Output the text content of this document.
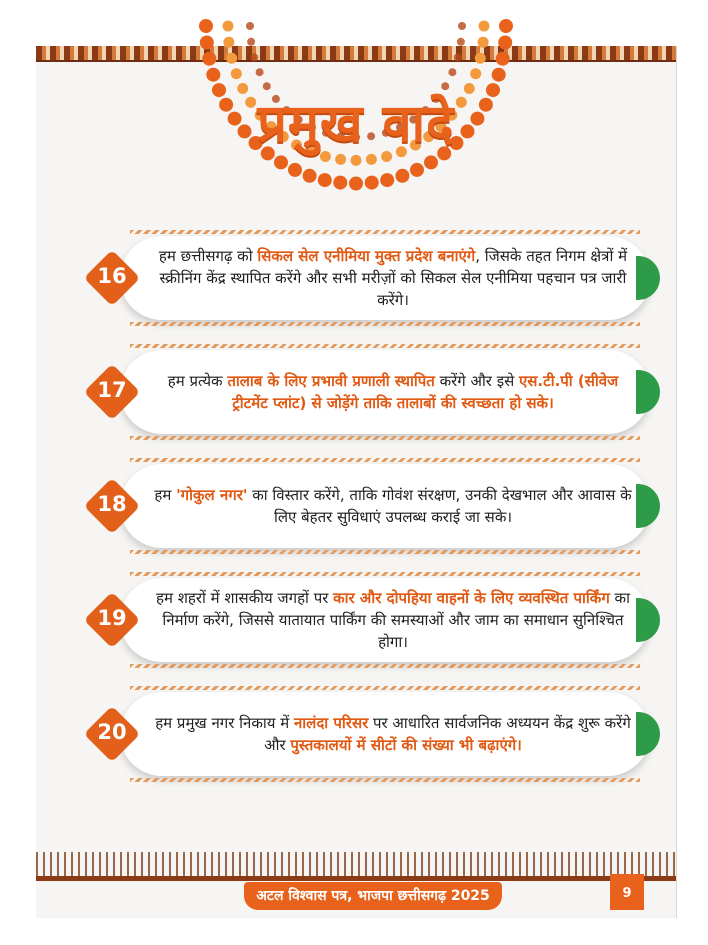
प्रमुख वादे
16
हम छत्तीसगढ़ को सिकल सेल एनीमिया मुक्त प्रदेश बनाएंगे, जिसके तहत निगम क्षेत्रों में स्क्रीनिंग केंद्र स्थापित करेंगे और सभी मरीज़ों को सिकल सेल एनीमिया पहचान पत्र जारी करेंगे।
17	हम प्रत्येक तालाब के लिए प्रभावी प्रणाली स्थापित करेंगे और इसे एस.टी.पी (सीवेज ट्रीटमेंट प्लांट) से जोड़ेंगे ताकि तालाबों की स्वच्छता हो सके।
18	हम 'गोकुल नगर' का विस्तार करेंगे, ताकि गोवंश संरक्षण, उनकी देखभाल और आवास के लिए बेहतर सुविधाएं उपलब्ध कराई जा सके।
19
हम शहरों में शासकीय जगहों पर कार और दोपहिया वाहनों के लिए व्यवस्थित पार्किंग का निर्माण करेंगे, जिससे यातायात पार्किंग की समस्याओं और जाम का समाधान सुनिश्चित होगा।
20	हम प्रमुख नगर निकाय में नालंदा परिसर पर आधारित सार्वजनिक अध्ययन केंद्र शुरू करेंगे और पुस्तकालयों में सीटों की संख्या भी बढ़ाएंगे।
अटल विश्वास पत्र, भाजपा छत्तीसगढ़ 2025	9
